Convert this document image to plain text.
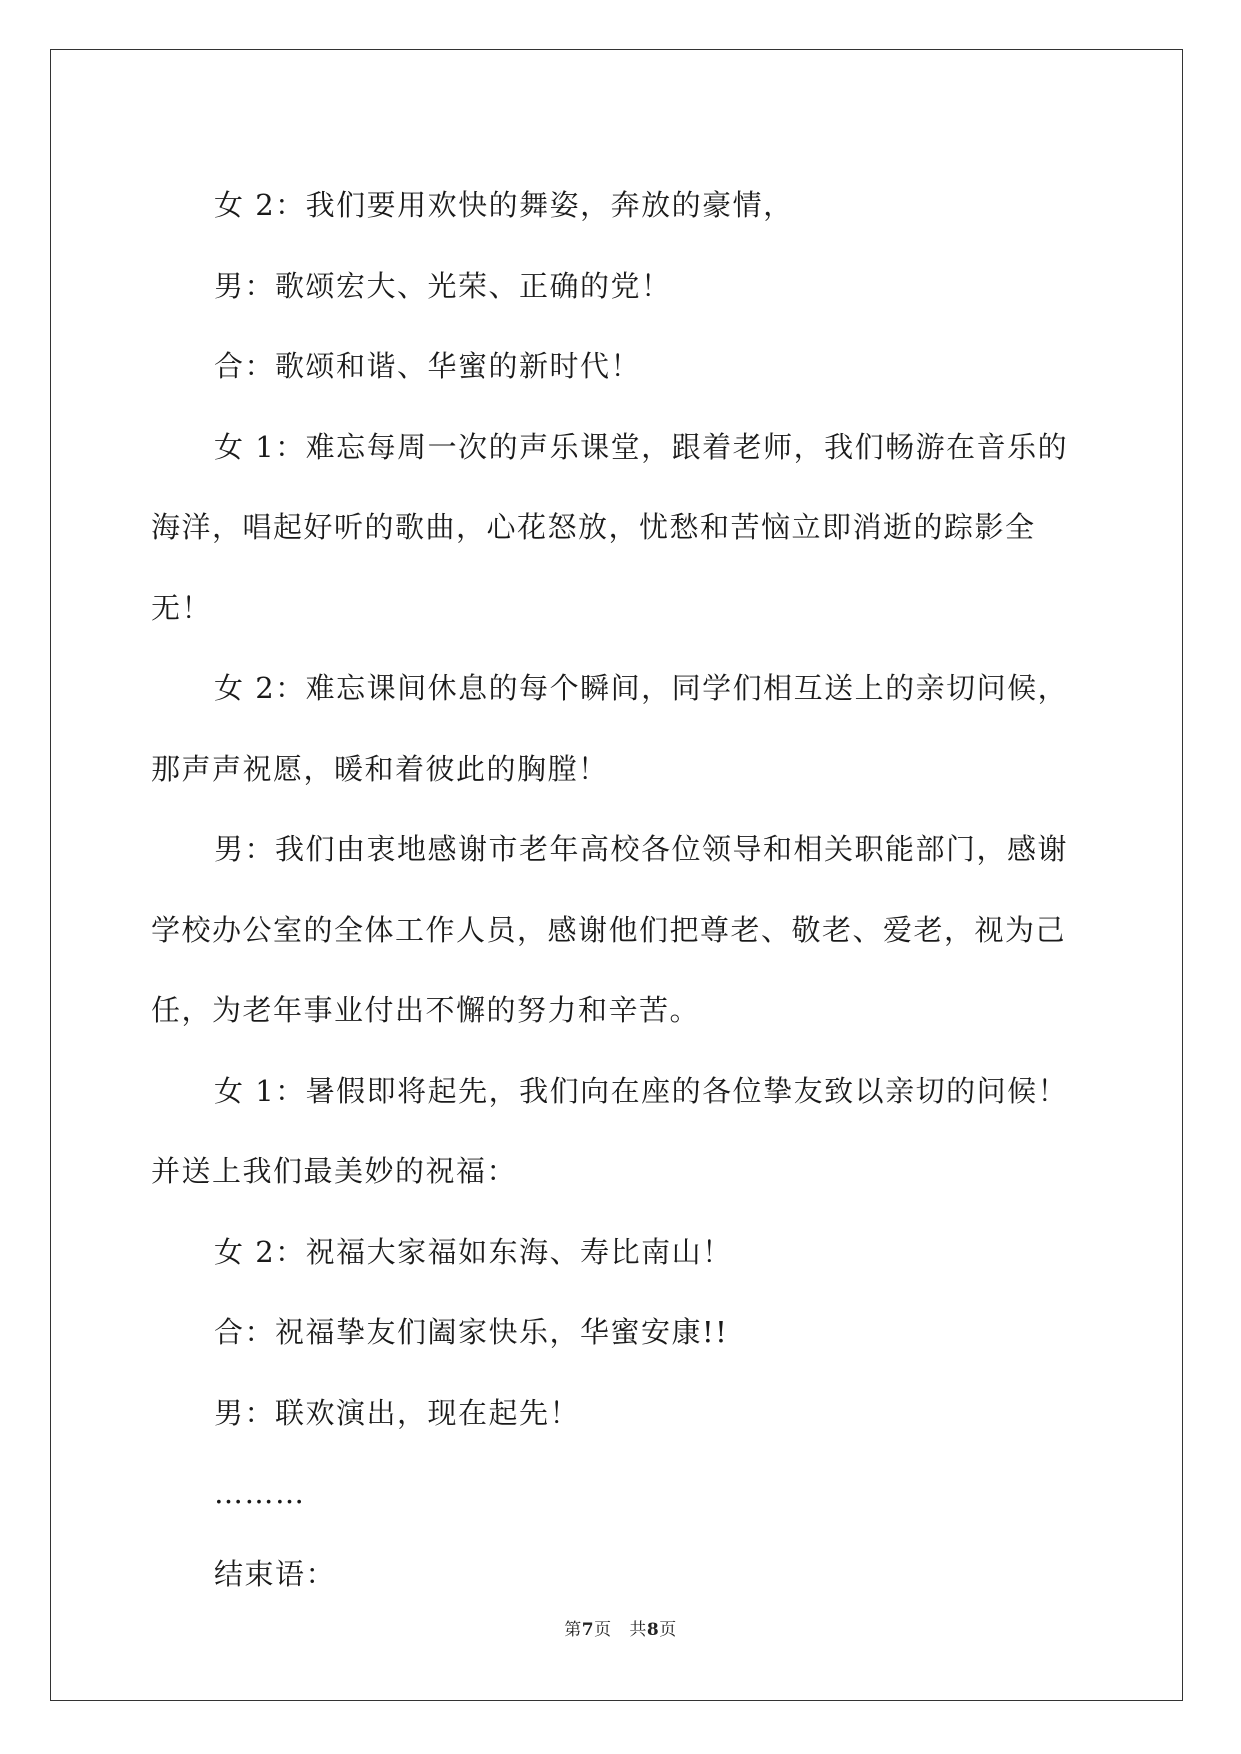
女 2：我们要用欢快的舞姿，奔放的豪情，

男：歌颂宏大、光荣、正确的党！

合：歌颂和谐、华蜜的新时代！

女 1：难忘每周一次的声乐课堂，跟着老师，我们畅游在音乐的海洋，唱起好听的歌曲，心花怒放，忧愁和苦恼立即消逝的踪影全无！

女 2：难忘课间休息的每个瞬间，同学们相互送上的亲切问候，那声声祝愿，暖和着彼此的胸膛！

男：我们由衷地感谢市老年高校各位领导和相关职能部门，感谢学校办公室的全体工作人员，感谢他们把尊老、敬老、爱老，视为己任，为老年事业付出不懈的努力和辛苦。

女 1：暑假即将起先，我们向在座的各位挚友致以亲切的问候！并送上我们最美妙的祝福：

女 2：祝福大家福如东海、寿比南山！

合：祝福挚友们阖家快乐，华蜜安康!!

男：联欢演出，现在起先！

………

结束语：

第7页 共8页
